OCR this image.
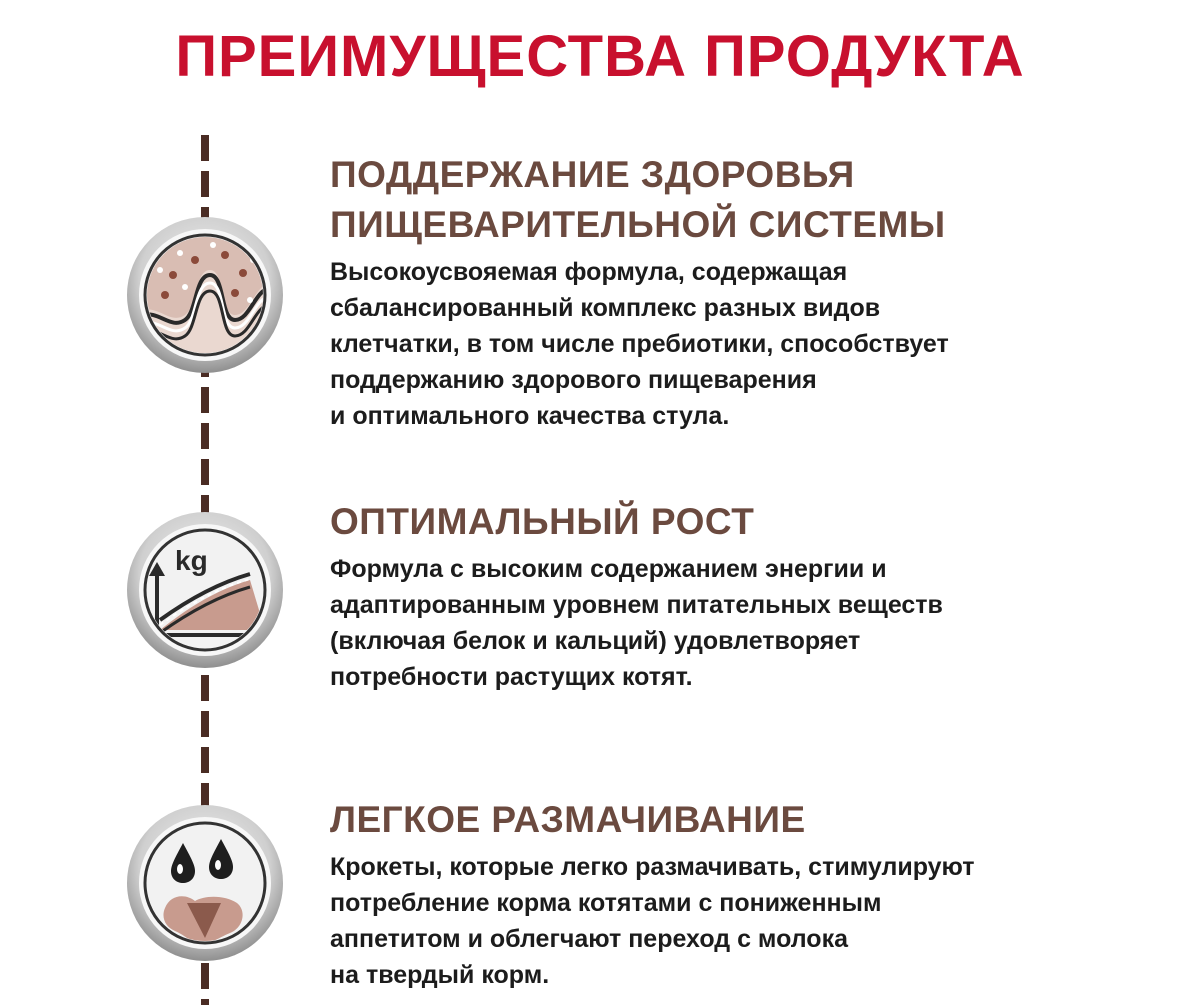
ПРЕИМУЩЕСТВА ПРОДУКТА
ПОДДЕРЖАНИЕ ЗДОРОВЬЯ
ПИЩЕВАРИТЕЛЬНОЙ СИСТЕМЫ

Высокоусвояемая формула, содержащая
сбалансированный комплекс разных видов
клетчатки, в том числе пребиотики, способствует
поддержанию здорового пищеварения
и оптимального качества стула.

kg
ОПТИМАЛЬНЫЙ РОСТ

Формула с высоким содержанием энергии и
адаптированным уровнем питательных веществ
(включая белок и кальций) удовлетворяет
потребности растущих котят.

ЛЕГКОЕ РАЗМАЧИВАНИЕ

Крокеты, которые легко размачивать, стимулируют
потребление корма котятами с пониженным
аппетитом и облегчают переход с молока
на твердый корм.
